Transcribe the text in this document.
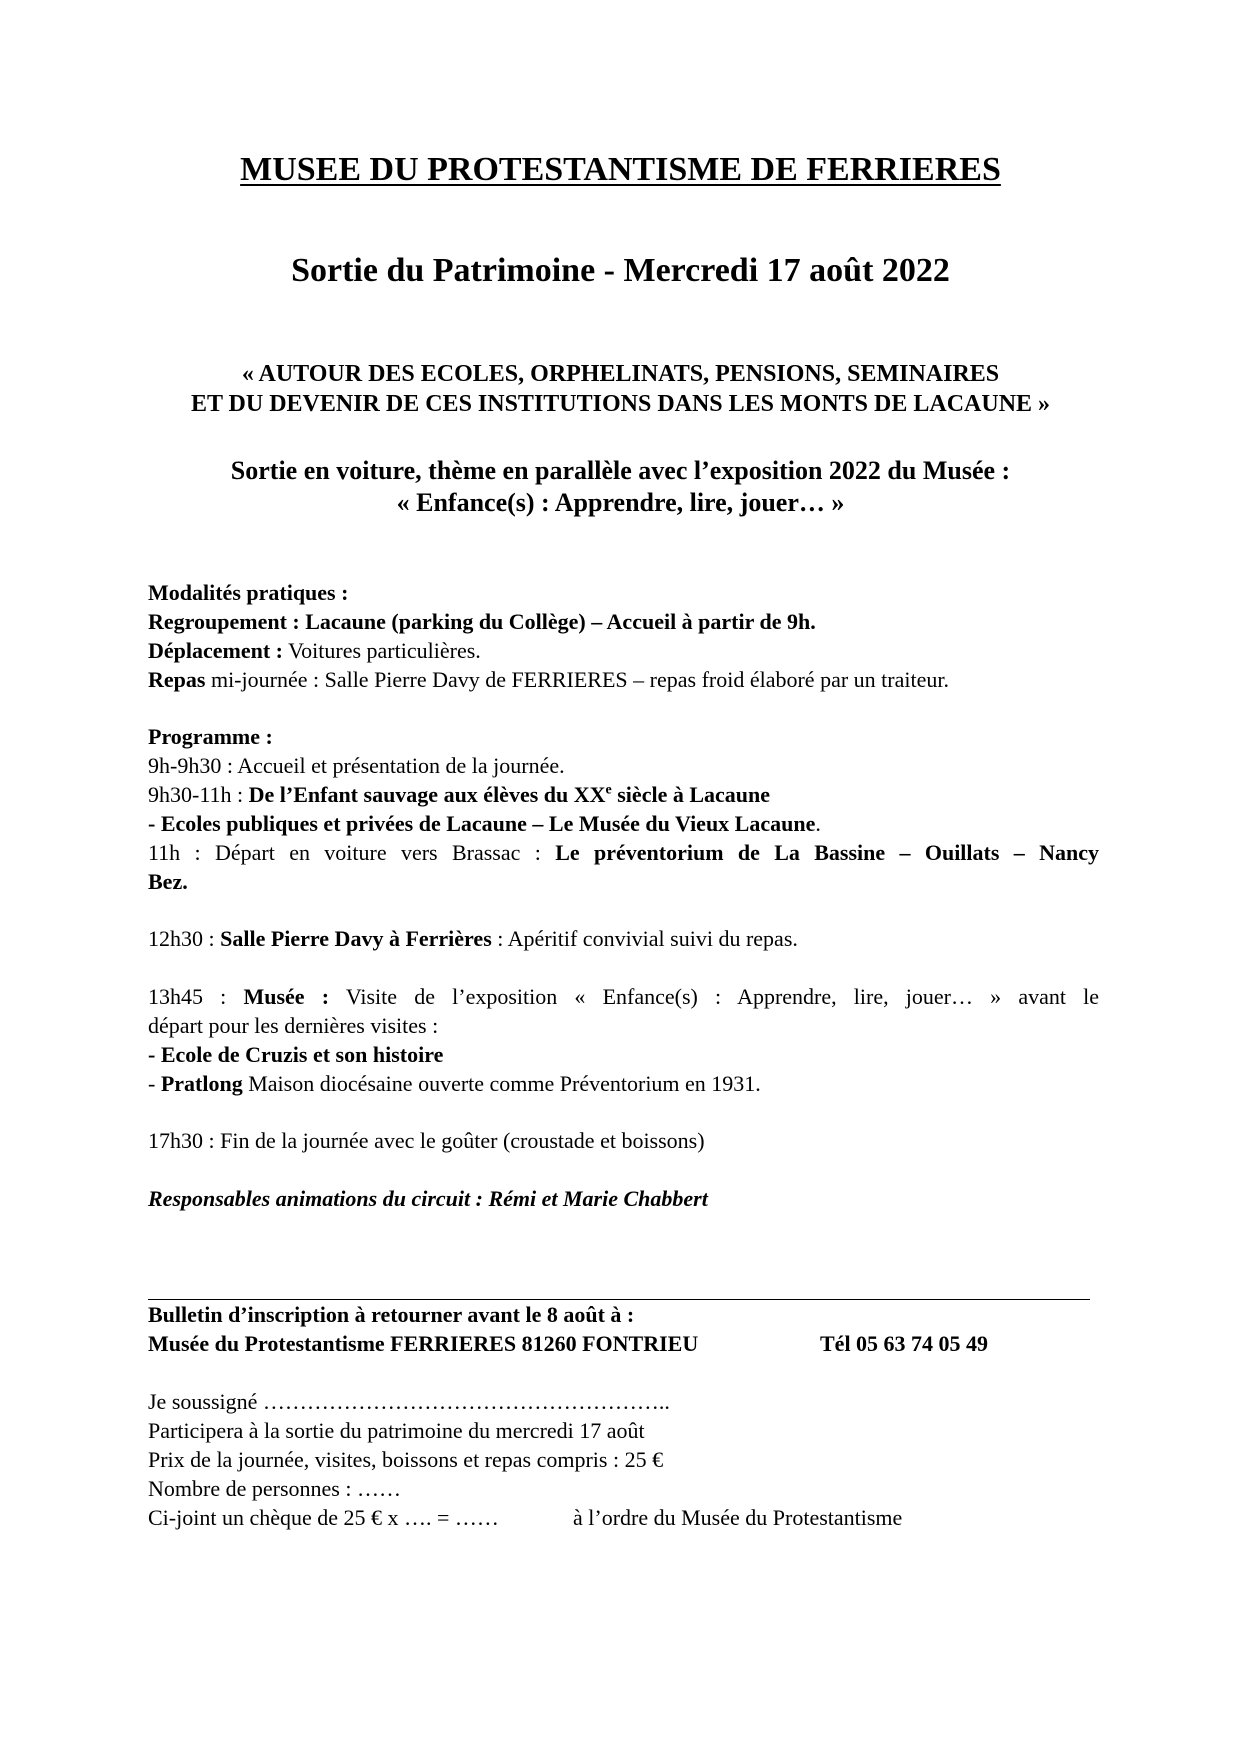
MUSEE DU PROTESTANTISME DE FERRIERES
Sortie du Patrimoine - Mercredi 17 août 2022
« AUTOUR DES ECOLES, ORPHELINATS, PENSIONS, SEMINAIRES
ET DU DEVENIR DE CES INSTITUTIONS DANS LES MONTS DE LACAUNE »
Sortie en voiture, thème en parallèle avec l’exposition 2022 du Musée :
« Enfance(s) : Apprendre, lire, jouer… »
Modalités pratiques :
Regroupement : Lacaune (parking du Collège) – Accueil à partir de 9h.
Déplacement : Voitures particulières.
Repas mi-journée : Salle Pierre Davy de FERRIERES – repas froid élaboré par un traiteur.
Programme :
9h-9h30 : Accueil et présentation de la journée.
9h30-11h : De l’Enfant sauvage aux élèves du XXe siècle à Lacaune
- Ecoles publiques et privées de Lacaune – Le Musée du Vieux Lacaune.
11h : Départ en voiture vers Brassac : Le préventorium de La Bassine – Ouillats – Nancy
Bez.
12h30 : Salle Pierre Davy à Ferrières : Apéritif convivial suivi du repas.
13h45 : Musée : Visite de l’exposition « Enfance(s) : Apprendre, lire, jouer… » avant le
départ pour les dernières visites :
- Ecole de Cruzis et son histoire
- Pratlong Maison diocésaine ouverte comme Préventorium en 1931.
17h30 : Fin de la journée avec le goûter (croustade et boissons)
Responsables animations du circuit : Rémi et Marie Chabbert
Bulletin d’inscription à retourner avant le 8 août à :
Musée du Protestantisme FERRIERES 81260 FONTRIEU	Tél 05 63 74 05 49
Je soussigné ………………………………………………..
Participera à la sortie du patrimoine du mercredi 17 août
Prix de la journée, visites, boissons et repas compris : 25 €
Nombre de personnes : ……
Ci-joint un chèque de 25 € x …. = ……	à l’ordre du Musée du Protestantisme
